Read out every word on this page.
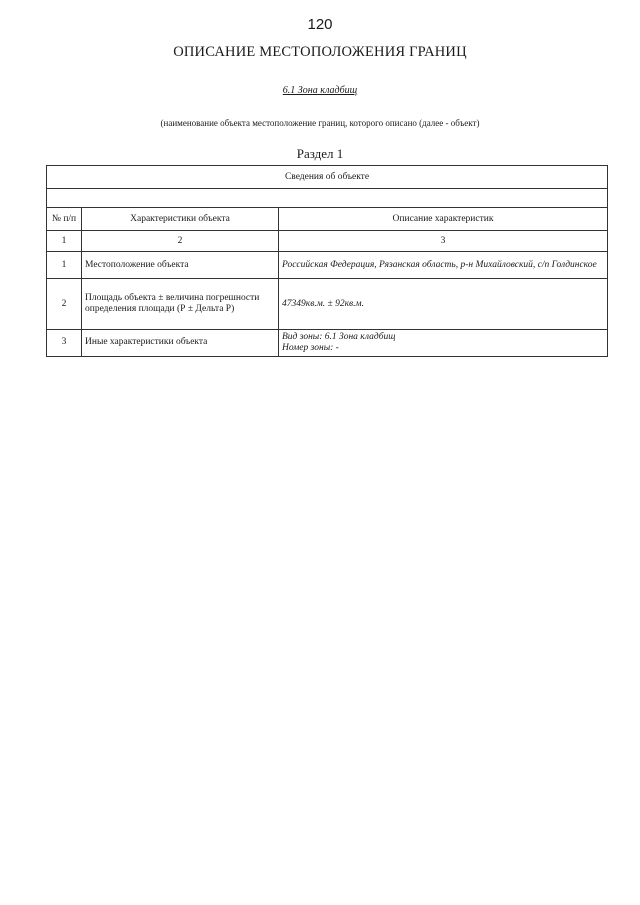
120
ОПИСАНИЕ МЕСТОПОЛОЖЕНИЯ ГРАНИЦ
6.1 Зона кладбищ
(наименование объекта местоположение границ, которого описано (далее - объект)
Раздел 1
Сведения об объекте		

№ п/п	Характеристики объекта	Описание характеристик
1	2	3
1	Местоположение объекта	Российская Федерация, Рязанская область, р-н Михайловский, с/п Голдинское
2	Площадь объекта ± величина погрешности определения площади (Р ± Дельта Р)	47349кв.м. ± 92кв.м.
3	Иные характеристики объекта	Вид зоны: 6.1 Зона кладбищ
Номер зоны: -
